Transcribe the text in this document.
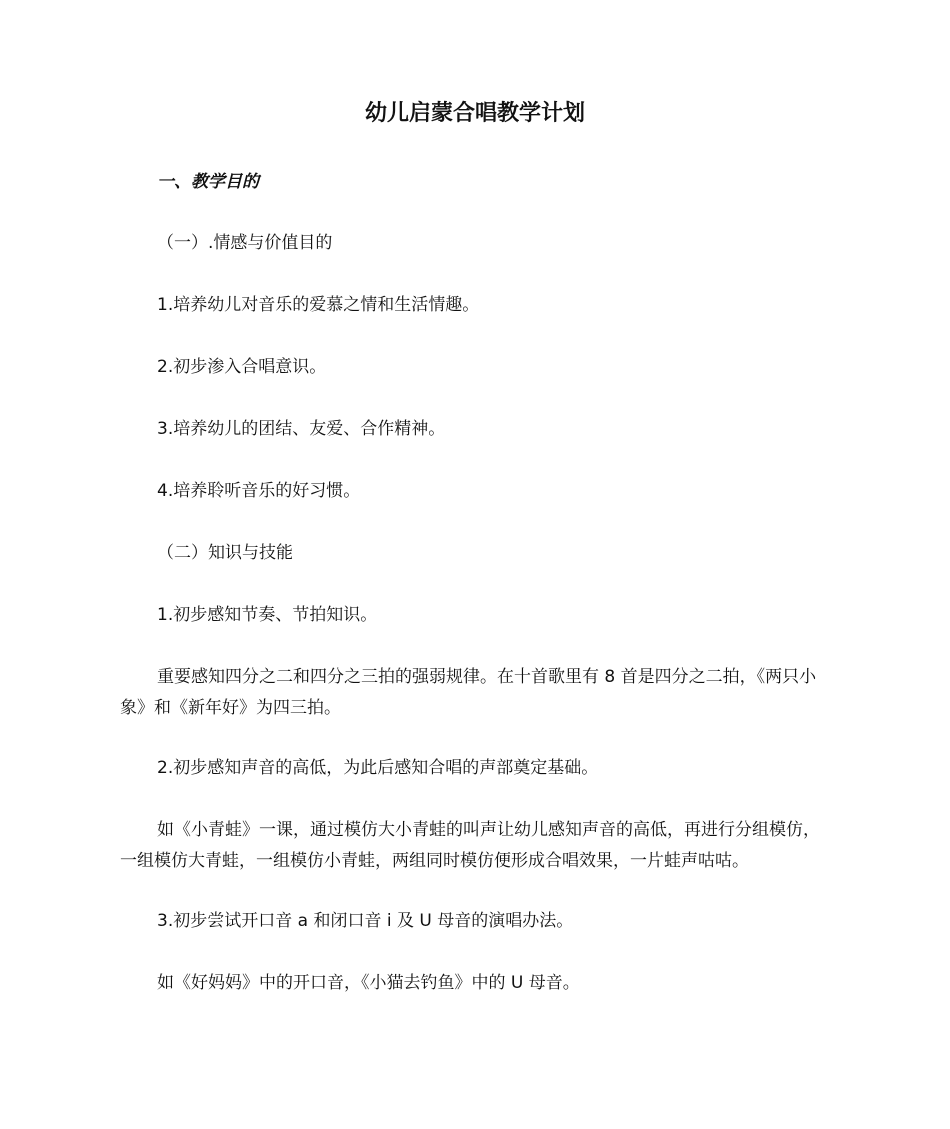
幼儿启蒙合唱教学计划
一、教学目的
（一）.情感与价值目的
1.培养幼儿对音乐的爱慕之情和生活情趣。
2.初步渗入合唱意识。
3.培养幼儿的团结、友爱、合作精神。
4.培养聆听音乐的好习惯。
（二）知识与技能
1.初步感知节奏、节拍知识。
重要感知四分之二和四分之三拍的强弱规律。在十首歌里有 8 首是四分之二拍，《两只小象》和《新年好》为四三拍。
2.初步感知声音的高低，为此后感知合唱的声部奠定基础。
如《小青蛙》一课，通过模仿大小青蛙的叫声让幼儿感知声音的高低，再进行分组模仿，一组模仿大青蛙，一组模仿小青蛙，两组同时模仿便形成合唱效果，一片蛙声咕咕。
3.初步尝试开口音 a 和闭口音 i 及 U 母音的演唱办法。
如《好妈妈》中的开口音，《小猫去钓鱼》中的 U 母音。
